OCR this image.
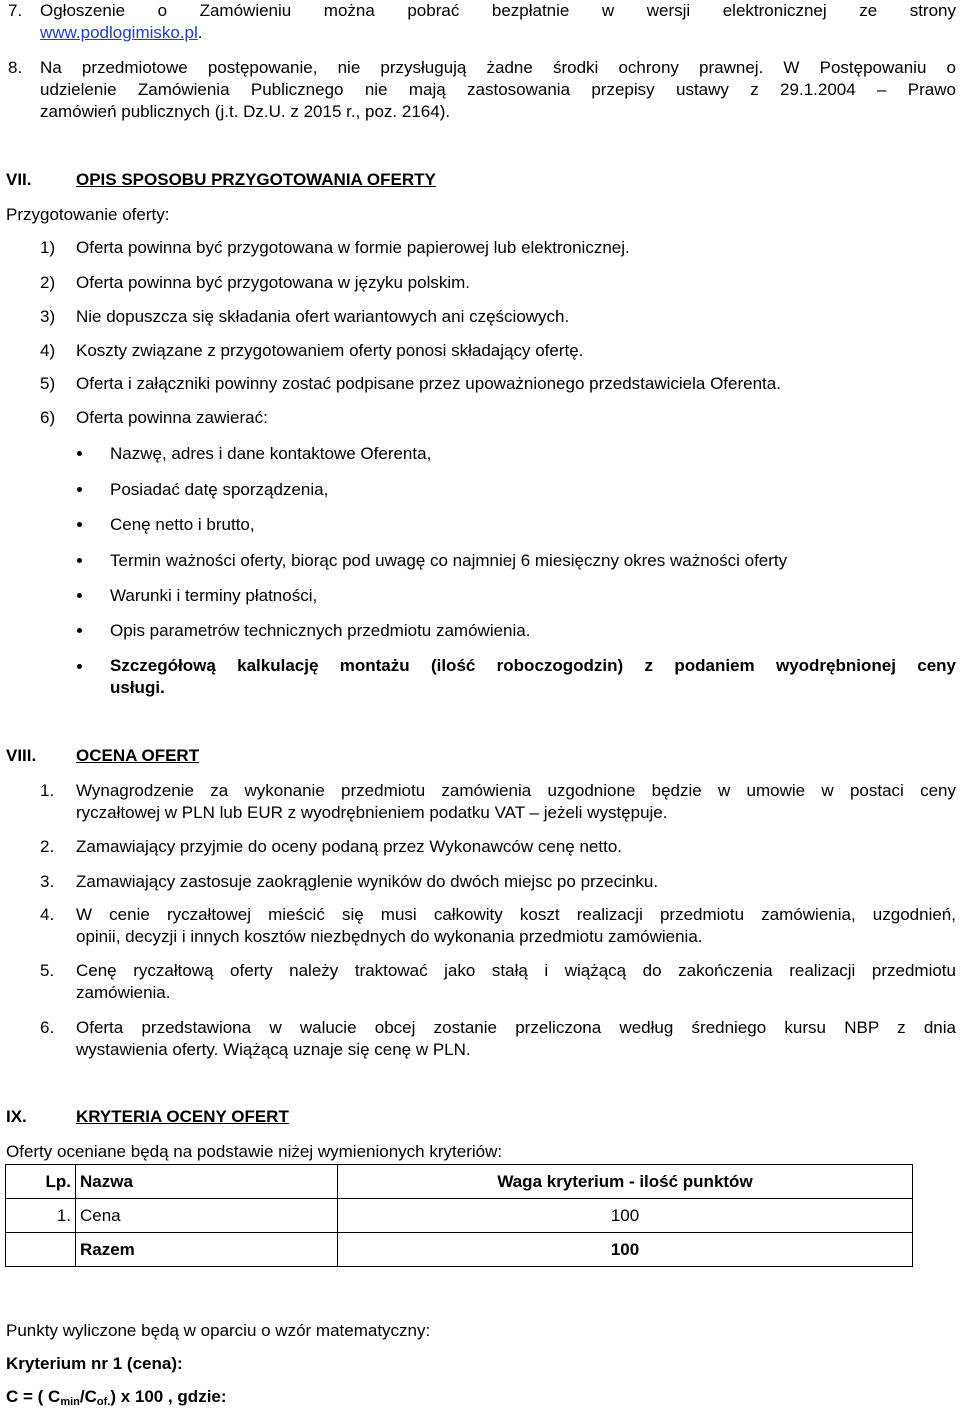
7. Ogłoszenie o Zamówieniu można pobrać bezpłatnie w wersji elektronicznej ze strony
www.podlogimisko.pl.
8. Na przedmiotowe postępowanie, nie przysługują żadne środki ochrony prawnej. W Postępowaniu o
udzielenie Zamówienia Publicznego nie mają zastosowania przepisy ustawy z 29.1.2004 – Prawo
zamówień publicznych (j.t. Dz.U. z 2015 r., poz. 2164).
VII.	OPIS SPOSOBU PRZYGOTOWANIA OFERTY
Przygotowanie oferty:
1) Oferta powinna być przygotowana w formie papierowej lub elektronicznej.
2) Oferta powinna być przygotowana w języku polskim.
3) Nie dopuszcza się składania ofert wariantowych ani częściowych.
4) Koszty związane z przygotowaniem oferty ponosi składający ofertę.
5) Oferta i załączniki powinny zostać podpisane przez upoważnionego przedstawiciela Oferenta.
6) Oferta powinna zawierać:
Nazwę, adres i dane kontaktowe Oferenta,
Posiadać datę sporządzenia,
Cenę netto i brutto,
Termin ważności oferty, biorąc pod uwagę co najmniej 6 miesięczny okres ważności oferty
Warunki i terminy płatności,
Opis parametrów technicznych przedmiotu zamówienia.
Szczegółową kalkulację montażu (ilość roboczogodzin) z podaniem wyodrębnionej ceny
usługi.
VIII. OCENA OFERT
1. Wynagrodzenie za wykonanie przedmiotu zamówienia uzgodnione będzie w umowie w postaci ceny
ryczałtowej w PLN lub EUR z wyodrębnieniem podatku VAT – jeżeli występuje.
2. Zamawiający przyjmie do oceny podaną przez Wykonawców cenę netto.
3. Zamawiający zastosuje zaokrąglenie wyników do dwóch miejsc po przecinku.
4. W cenie ryczałtowej mieścić się musi całkowity koszt realizacji przedmiotu zamówienia, uzgodnień,
opinii, decyzji i innych kosztów niezbędnych do wykonania przedmiotu zamówienia.
5. Cenę ryczałtową oferty należy traktować jako stałą i wiążącą do zakończenia realizacji przedmiotu
zamówienia.
6. Oferta przedstawiona w walucie obcej zostanie przeliczona według średniego kursu NBP z dnia
wystawienia oferty. Wiążącą uznaje się cenę w PLN.
IX.	KRYTERIA OCENY OFERT
Oferty oceniane będą na podstawie niżej wymienionych kryteriów:
Lp.	Nazwa	Waga kryterium - ilość punktów
1.	Cena	100
	Razem	100
Punkty wyliczone będą w oparciu o wzór matematyczny:
Kryterium nr 1 (cena):
C = ( $C_{min}/C_{of.}$) x 100 , gdzie:
